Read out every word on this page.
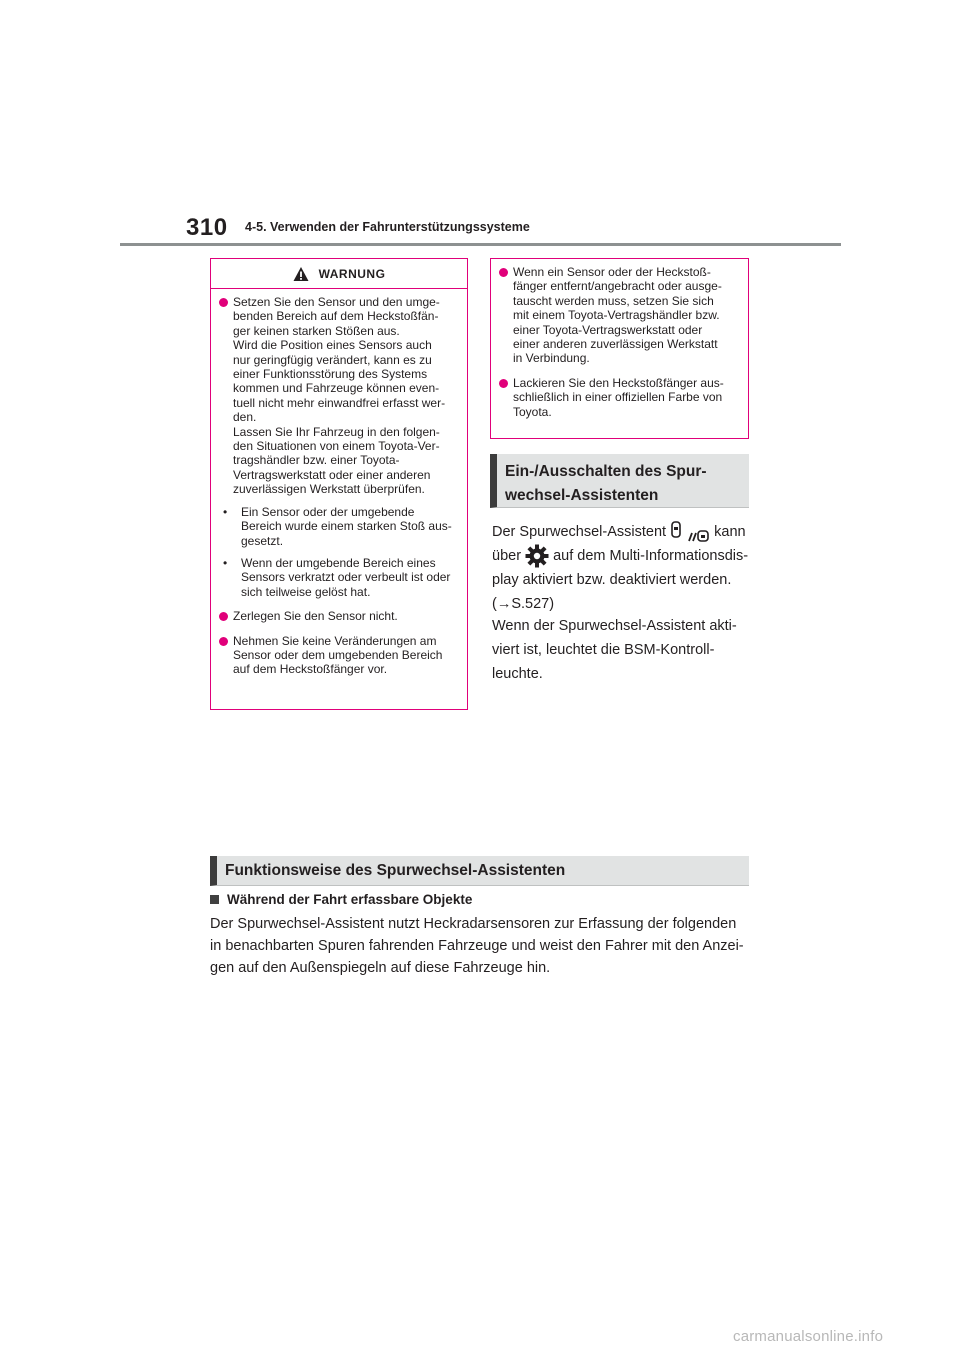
310 4-5. Verwenden der Fahrunterstützungssysteme
WARNUNG
Setzen Sie den Sensor und den umge-
benden Bereich auf dem Heckstoßfän-
ger keinen starken Stößen aus.
Wird die Position eines Sensors auch
nur geringfügig verändert, kann es zu
einer Funktionsstörung des Systems
kommen und Fahrzeuge können even-
tuell nicht mehr einwandfrei erfasst wer-
den.
Lassen Sie Ihr Fahrzeug in den folgen-
den Situationen von einem Toyota-Ver-
tragshändler bzw. einer Toyota-
Vertragswerkstatt oder einer anderen
zuverlässigen Werkstatt überprüfen.
•	Ein Sensor oder der umgebende
Bereich wurde einem starken Stoß aus-
gesetzt.
•	Wenn der umgebende Bereich eines
Sensors verkratzt oder verbeult ist oder
sich teilweise gelöst hat.
Zerlegen Sie den Sensor nicht.
Nehmen Sie keine Veränderungen am
Sensor oder dem umgebenden Bereich
auf dem Heckstoßfänger vor.
Wenn ein Sensor oder der Heckstoß-
fänger entfernt/angebracht oder ausge-
tauscht werden muss, setzen Sie sich
mit einem Toyota-Vertragshändler bzw.
einer Toyota-Vertragswerkstatt oder
einer anderen zuverlässigen Werkstatt
in Verbindung.
Lackieren Sie den Heckstoßfänger aus-
schließlich in einer offiziellen Farbe von
Toyota.
Ein-/Ausschalten des Spur-
wechsel-Assistenten
Der Spurwechsel-Assistent	kann
über auf dem Multi-Informationsdis-
play aktiviert bzw. deaktiviert werden.
(→S.527)
Wenn der Spurwechsel-Assistent akti-
viert ist, leuchtet die BSM-Kontroll-
leuchte.
Funktionsweise des Spurwechsel-Assistenten
Während der Fahrt erfassbare Objekte
Der Spurwechsel-Assistent nutzt Heckradarsensoren zur Erfassung der folgenden
in benachbarten Spuren fahrenden Fahrzeuge und weist den Fahrer mit den Anzei-
gen auf den Außenspiegeln auf diese Fahrzeuge hin.
carmanualsonline.info
